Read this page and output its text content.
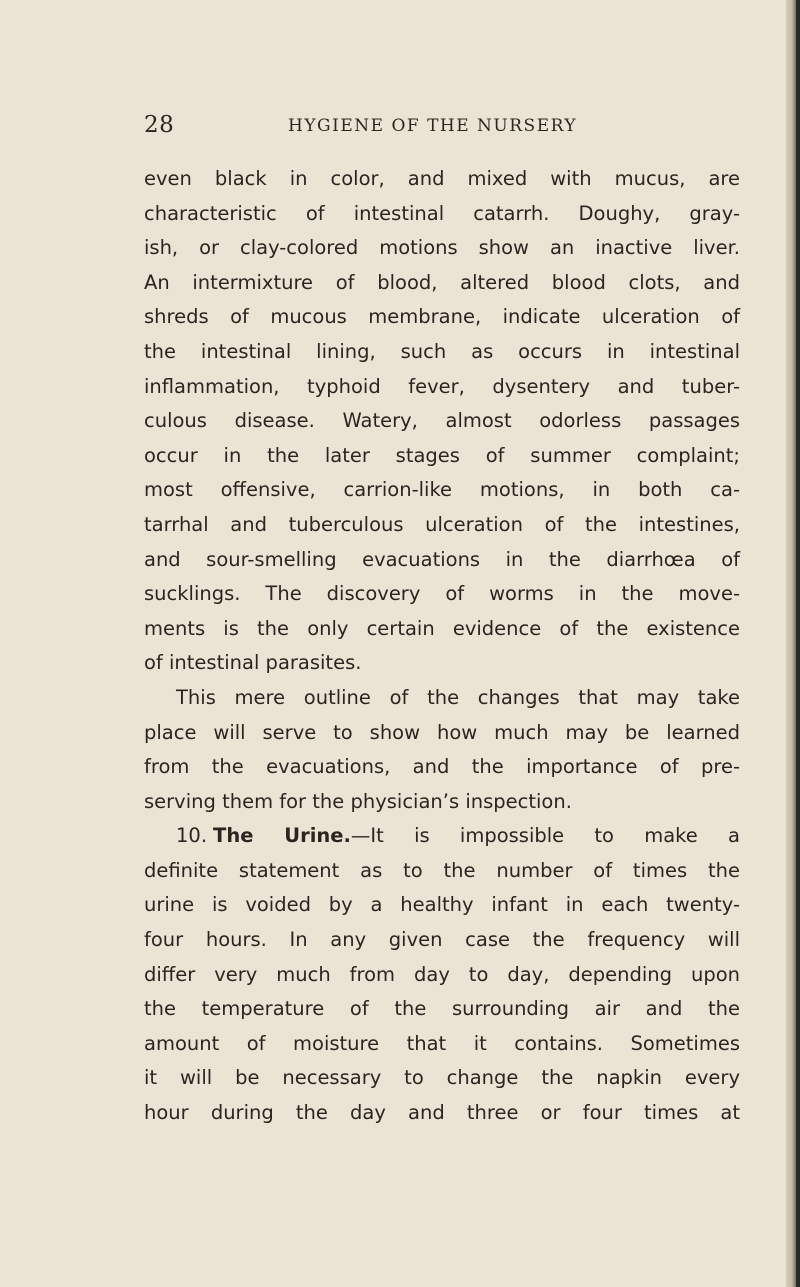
28	HYGIENE OF THE NURSERY
even black in color, and mixed with mucus, are
characteristic of intestinal catarrh. Doughy, gray-
ish, or clay-colored motions show an inactive liver.
An intermixture of blood, altered blood clots, and
shreds of mucous membrane, indicate ulceration of
the intestinal lining, such as occurs in intestinal
inflammation, typhoid fever, dysentery and tuber-
culous disease. Watery, almost odorless passages
occur in the later stages of summer complaint;
most offensive, carrion-like motions, in both ca-
tarrhal and tuberculous ulceration of the intestines,
and sour-smelling evacuations in the diarrhœa of
sucklings. The discovery of worms in the move-
ments is the only certain evidence of the existence
of intestinal parasites.
This mere outline of the changes that may take
place will serve to show how much may be learned
from the evacuations, and the importance of pre-
serving them for the physician’s inspection.
10. The Urine.—It is impossible to make a
definite statement as to the number of times the
urine is voided by a healthy infant in each twenty-
four hours. In any given case the frequency will
differ very much from day to day, depending upon
the temperature of the surrounding air and the
amount of moisture that it contains. Sometimes
it will be necessary to change the napkin every
hour during the day and three or four times at
